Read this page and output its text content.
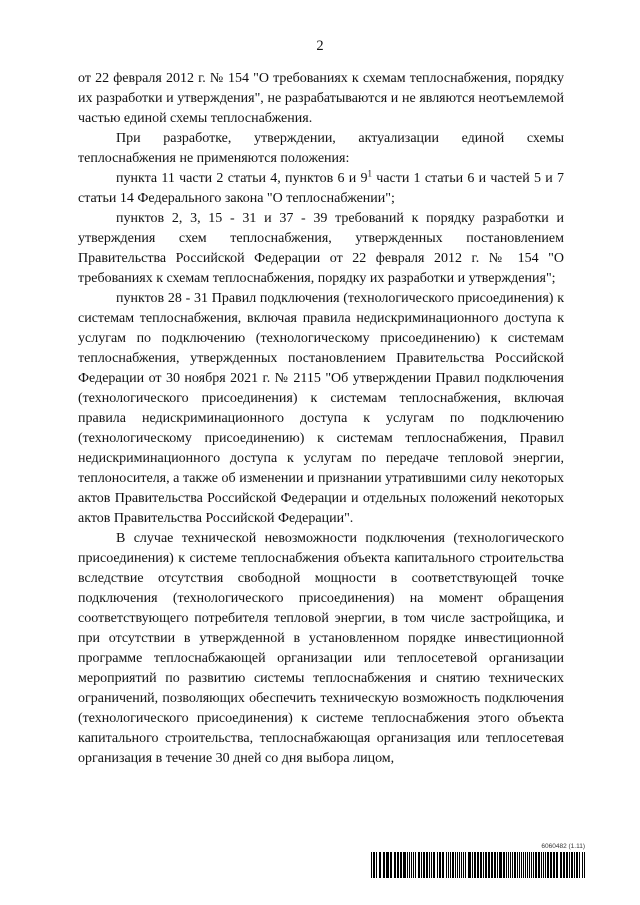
2

от 22 февраля 2012 г. № 154 "О требованиях к схемам теплоснабжения, порядку их разработки и утверждения", не разрабатываются и не являются неотъемлемой частью единой схемы теплоснабжения.

При разработке, утверждении, актуализации единой схемы теплоснабжения не применяются положения:

пункта 11 части 2 статьи 4, пунктов 6 и $9^1$ части 1 статьи 6 и частей 5 и 7 статьи 14 Федерального закона "О теплоснабжении";

пунктов 2, 3, 15 - 31 и 37 - 39 требований к порядку разработки и утверждения схем теплоснабжения, утвержденных постановлением Правительства Российской Федерации от 22 февраля 2012 г. № 154 "О требованиях к схемам теплоснабжения, порядку их разработки и утверждения";

пунктов 28 - 31 Правил подключения (технологического присоединения) к системам теплоснабжения, включая правила недискриминационного доступа к услугам по подключению (технологическому присоединению) к системам теплоснабжения, утвержденных постановлением Правительства Российской Федерации от 30 ноября 2021 г. № 2115 "Об утверждении Правил подключения (технологического присоединения) к системам теплоснабжения, включая правила недискриминационного доступа к услугам по подключению (технологическому присоединению) к системам теплоснабжения, Правил недискриминационного доступа к услугам по передаче тепловой энергии, теплоносителя, а также об изменении и признании утратившими силу некоторых актов Правительства Российской Федерации и отдельных положений некоторых актов Правительства Российской Федерации".

В случае технической невозможности подключения (технологического присоединения) к системе теплоснабжения объекта капитального строительства вследствие отсутствия свободной мощности в соответствующей точке подключения (технологического присоединения) на момент обращения соответствующего потребителя тепловой энергии, в том числе застройщика, и при отсутствии в утвержденной в установленном порядке инвестиционной программе теплоснабжающей организации или теплосетевой организации мероприятий по развитию системы теплоснабжения и снятию технических ограничений, позволяющих обеспечить техническую возможность подключения (технологического присоединения) к системе теплоснабжения этого объекта капитального строительства, теплоснабжающая организация или теплосетевая организация в течение 30 дней со дня выбора лицом,

6060482 (1.11)
